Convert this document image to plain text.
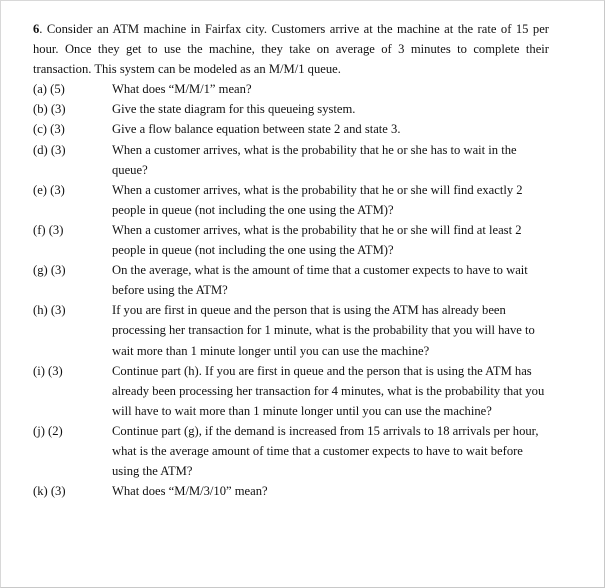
6. Consider an ATM machine in Fairfax city. Customers arrive at the machine at the rate of 15 per hour. Once they get to use the machine, they take on average of 3 minutes to complete their transaction. This system can be modeled as an M/M/1 queue.

(a) (5)	What does “M/M/1” mean?
(b) (3)	Give the state diagram for this queueing system.
(c) (3)	Give a flow balance equation between state 2 and state 3.
(d) (3)	When a customer arrives, what is the probability that he or she has to wait in the queue?
(e) (3)	When a customer arrives, what is the probability that he or she will find exactly 2 people in queue (not including the one using the ATM)?
(f) (3)	When a customer arrives, what is the probability that he or she will find at least 2 people in queue (not including the one using the ATM)?
(g) (3)	On the average, what is the amount of time that a customer expects to have to wait before using the ATM?
(h) (3)	If you are first in queue and the person that is using the ATM has already been processing her transaction for 1 minute, what is the probability that you will have to wait more than 1 minute longer until you can use the machine?
(i) (3)	Continue part (h). If you are first in queue and the person that is using the ATM has already been processing her transaction for 4 minutes, what is the probability that you will have to wait more than 1 minute longer until you can use the machine?
(j) (2)	Continue part (g), if the demand is increased from 15 arrivals to 18 arrivals per hour, what is the average amount of time that a customer expects to have to wait before using the ATM?
(k) (3)	What does “M/M/3/10” mean?
